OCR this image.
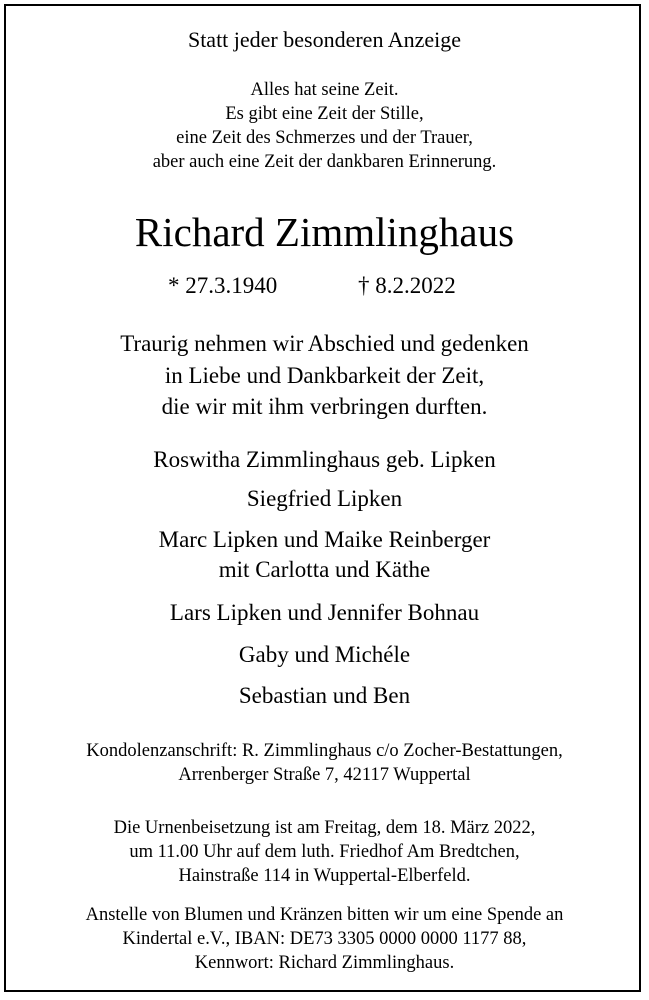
Statt jeder besonderen Anzeige
Alles hat seine Zeit.
Es gibt eine Zeit der Stille,
eine Zeit des Schmerzes und der Trauer,
aber auch eine Zeit der dankbaren Erinnerung.
Richard Zimmlinghaus
* 27.3.1940	† 8.2.2022
Traurig nehmen wir Abschied und gedenken
in Liebe und Dankbarkeit der Zeit,
die wir mit ihm verbringen durften.
Roswitha Zimmlinghaus geb. Lipken
Siegfried Lipken
Marc Lipken und Maike Reinberger
mit Carlotta und Käthe
Lars Lipken und Jennifer Bohnau
Gaby und Michéle
Sebastian und Ben
Kondolenzanschrift: R. Zimmlinghaus c/o Zocher-Bestattungen,
Arrenberger Straße 7, 42117 Wuppertal
Die Urnenbeisetzung ist am Freitag, dem 18. März 2022,
um 11.00 Uhr auf dem luth. Friedhof Am Bredtchen,
Hainstraße 114 in Wuppertal-Elberfeld.
Anstelle von Blumen und Kränzen bitten wir um eine Spende an
Kindertal e.V., IBAN: DE73 3305 0000 0000 1177 88,
Kennwort: Richard Zimmlinghaus.
